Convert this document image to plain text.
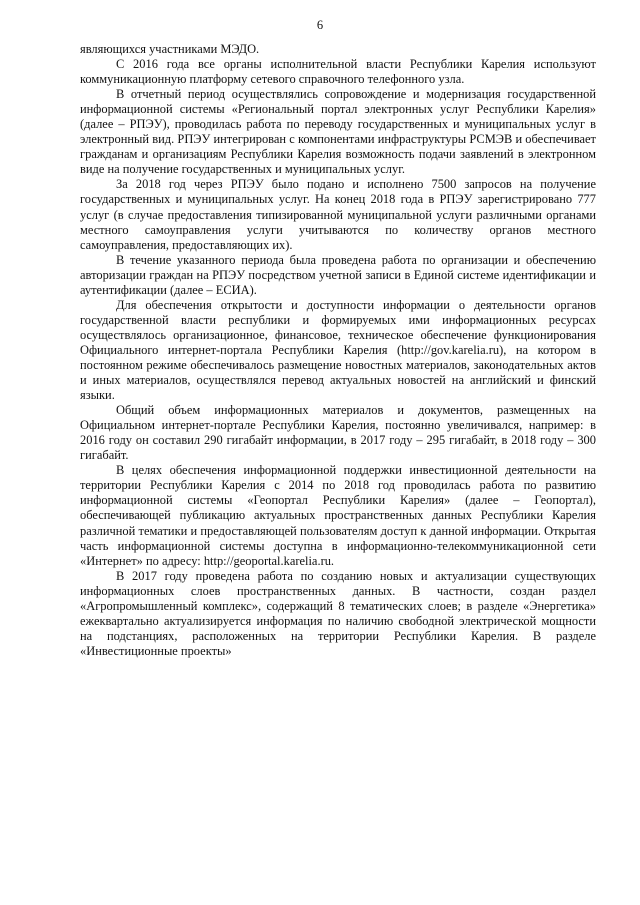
6

являющихся участниками МЭДО.

С 2016 года все органы исполнительной власти Республики Карелия используют коммуникационную платформу сетевого справочного телефонного узла.

В отчетный период осуществлялись сопровождение и модернизация государственной информационной системы «Региональный портал электронных услуг Республики Карелия» (далее – РПЭУ), проводилась работа по переводу государственных и муниципальных услуг в электронный вид. РПЭУ интегрирован с компонентами инфраструктуры РСМЭВ и обеспечивает гражданам и организациям Республики Карелия возможность подачи заявлений в электронном виде на получение государственных и муниципальных услуг.

За 2018 год через РПЭУ было подано и исполнено 7500 запросов на получение государственных и муниципальных услуг. На конец 2018 года в РПЭУ зарегистрировано 777 услуг (в случае предоставления типизированной муниципальной услуги различными органами местного самоуправления услуги учитываются по количеству органов местного самоуправления, предоставляющих их).

В течение указанного периода была проведена работа по организации и обеспечению авторизации граждан на РПЭУ посредством учетной записи в Единой системе идентификации и аутентификации (далее – ЕСИА).

Для обеспечения открытости и доступности информации о деятельности органов государственной власти республики и формируемых ими информационных ресурсах осуществлялось организационное, финансовое, техническое обеспечение функционирования Официального интернет-портала Республики Карелия (http://gov.karelia.ru), на котором в постоянном режиме обеспечивалось размещение новостных материалов, законодательных актов и иных материалов, осуществлялся перевод актуальных новостей на английский и финский языки.

Общий объем информационных материалов и документов, размещенных на Официальном интернет-портале Республики Карелия, постоянно увеличивался, например: в 2016 году он составил 290 гигабайт информации, в 2017 году – 295 гигабайт, в 2018 году – 300 гигабайт.

В целях обеспечения информационной поддержки инвестиционной деятельности на территории Республики Карелия с 2014 по 2018 год проводилась работа по развитию информационной системы «Геопортал Республики Карелия» (далее – Геопортал), обеспечивающей публикацию актуальных пространственных данных Республики Карелия различной тематики и предоставляющей пользователям доступ к данной информации. Открытая часть информационной системы доступна в информационно-телекоммуникационной сети «Интернет» по адресу: http://geoportal.karelia.ru.

В 2017 году проведена работа по созданию новых и актуализации существующих информационных слоев пространственных данных. В частности, создан раздел «Агропромышленный комплекс», содержащий 8 тематических слоев; в разделе «Энергетика» ежеквартально актуализируется информация по наличию свободной электрической мощности на подстанциях, расположенных на территории Республики Карелия. В разделе «Инвестиционные проекты»
